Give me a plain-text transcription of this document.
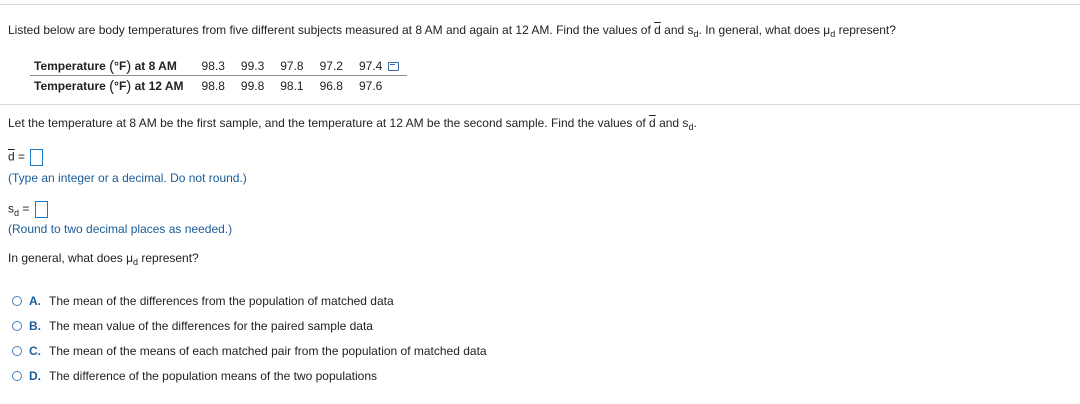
Listed below are body temperatures from five different subjects measured at 8 AM and again at 12 AM. Find the values of $\overline{d}$ and $s_d$. In general, what does $\mu_d$ represent?
Temperature (°F) at 8 AM	98.3	99.3	97.8	97.2	97.4
Temperature (°F) at 12 AM	98.8	99.8	98.1	96.8	97.6
Let the temperature at 8 AM be the first sample, and the temperature at 12 AM be the second sample. Find the values of $\overline{d}$ and $s_d$.
$\overline{d}$ =
(Type an integer or a decimal. Do not round.)
$s_d$ =
(Round to two decimal places as needed.)
In general, what does $\mu_d$ represent?
A. The mean of the differences from the population of matched data
B. The mean value of the differences for the paired sample data
C. The mean of the means of each matched pair from the population of matched data
D. The difference of the population means of the two populations
